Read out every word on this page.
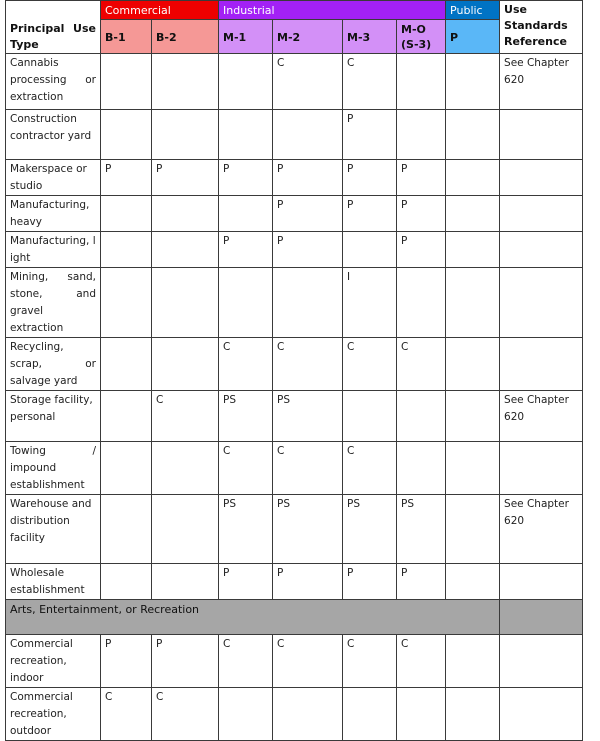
	Commercial		Industrial				Public	Use Standards Reference
Principal Use Type	B-1	B-2	M-1	M-2	M-3	M-O (S-3)	P	
Cannabis processing or extraction				C	C			See Chapter 620
Construction contractor yard					P			
Makerspace or studio	P	P	P	P	P	P		
Manufacturing, heavy				P	P	P		
Manufacturing, light			P	P		P		
Mining, sand, stone, and gravel extraction					I			
Recycling, scrap, or salvage yard			C	C	C	C		
Storage facility, personal		C	PS	PS				See Chapter 620
Towing / impound establishment			C	C	C			
Warehouse and distribution facility			PS	PS	PS	PS		See Chapter 620
Wholesale establishment			P	P	P	P		
Arts, Entertainment, or Recreation								
Commercial recreation, indoor	P	P	C	C	C	C		
Commercial recreation, outdoor	C	C						
